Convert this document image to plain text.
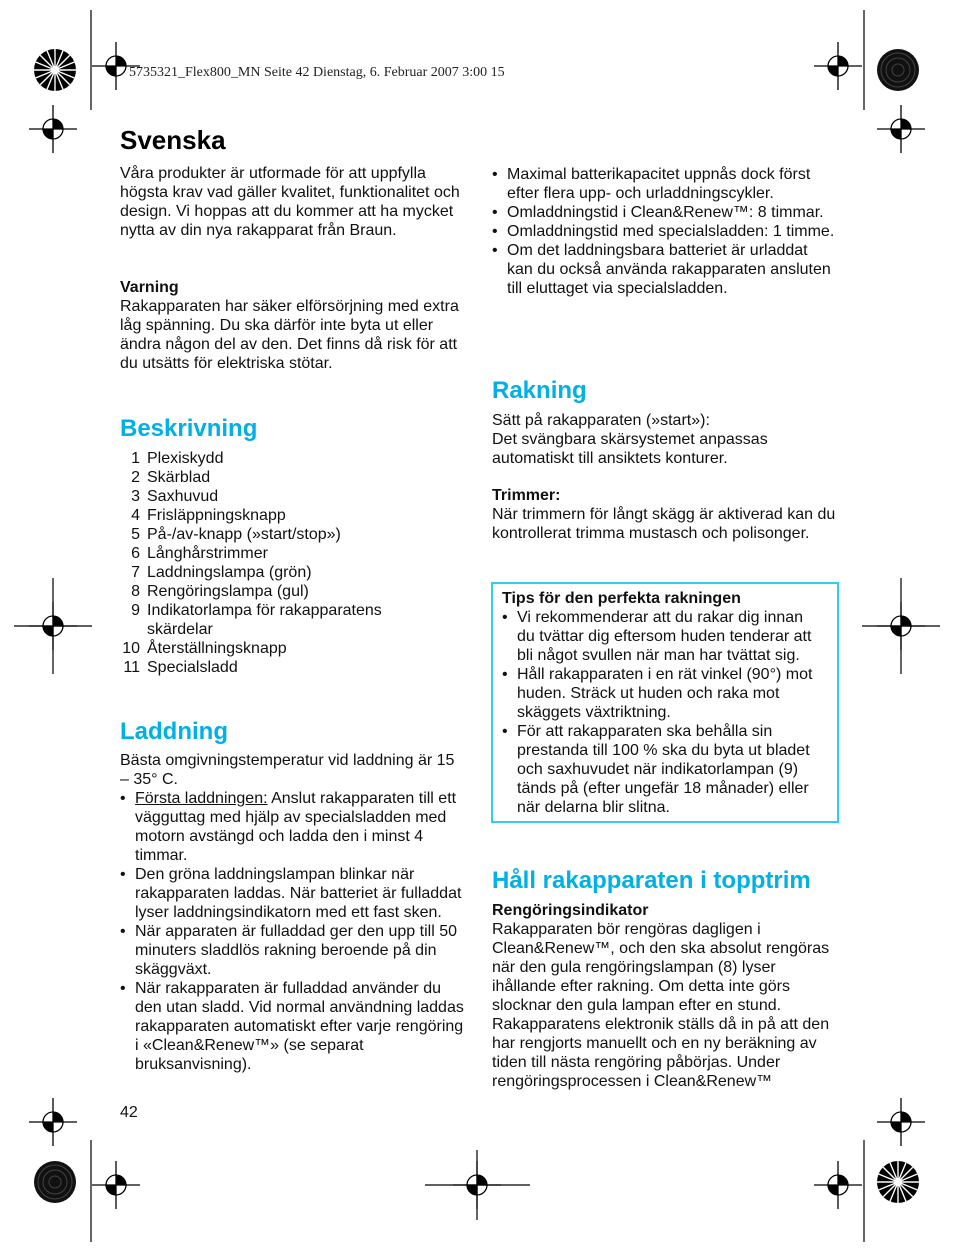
5735321_Flex800_MN Seite 42 Dienstag, 6. Februar 2007 3:00 15
Svenska

Våra produkter är utformade för att uppfylla högsta krav vad gäller kvalitet, funktionalitet och design. Vi hoppas att du kommer att ha mycket nytta av din nya rakapparat från Braun.

Varning

Rakapparaten har säker elförsörjning med extra låg spänning. Du ska därför inte byta ut eller ändra någon del av den. Det finns då risk för att du utsätts för elektriska stötar.

Beskrivning
1 Plexiskydd
2 Skärblad
3 Saxhuvud
4 Frisläppningsknapp
5 På-/av-knapp (»start/stop»)
6 Långhårstrimmer
7 Laddningslampa (grön)
8 Rengöringslampa (gul)
9 Indikatorlampa för rakapparatens skärdelar
10 Återställningsknapp
11 Specialsladd
Laddning

Bästa omgivningstemperatur vid laddning är 15 – 35° C.

• Första laddningen: Anslut rakapparaten till ett vägguttag med hjälp av specialsladden med motorn avstängd och ladda den i minst 4 timmar.
• Den gröna laddningslampan blinkar när rakapparaten laddas. När batteriet är fulladdat lyser laddningsindikatorn med ett fast sken.
• När apparaten är fulladdad ger den upp till 50 minuters sladdlös rakning beroende på din skäggväxt.
• När rakapparaten är fulladdad använder du den utan sladd. Vid normal användning laddas rakapparaten automatiskt efter varje rengöring i «Clean&Renew™» (se separat bruksanvisning).
42
• Maximal batterikapacitet uppnås dock först efter flera upp- och urladdningscykler.
• Omladdningstid i Clean&Renew™: 8 timmar.
• Omladdningstid med specialsladden: 1 timme.
• Om det laddningsbara batteriet är urladdat kan du också använda rakapparaten ansluten till eluttaget via specialsladden.
Rakning

Sätt på rakapparaten (»start»):

Det svängbara skärsystemet anpassas automatiskt till ansiktets konturer.

Trimmer:

När trimmern för långt skägg är aktiverad kan du kontrollerat trimma mustasch och polisonger.

Tips för den perfekta rakningen

• Vi rekommenderar att du rakar dig innan du tvättar dig eftersom huden tenderar att bli något svullen när man har tvättat sig.
• Håll rakapparaten i en rät vinkel (90°) mot huden. Sträck ut huden och raka mot skäggets växtriktning.
• För att rakapparaten ska behålla sin prestanda till 100 % ska du byta ut bladet och saxhuvudet när indikatorlampan (9) tänds på (efter ungefär 18 månader) eller när delarna blir slitna.
Håll rakapparaten i topptrim

Rengöringsindikator

Rakapparaten bör rengöras dagligen i Clean&Renew™, och den ska absolut rengöras när den gula rengöringslampan (8) lyser ihållande efter rakning. Om detta inte görs slocknar den gula lampan efter en stund. Rakapparatens elektronik ställs då in på att den har rengjorts manuellt och en ny beräkning av tiden till nästa rengöring påbörjas. Under rengöringsprocessen i Clean&Renew™
